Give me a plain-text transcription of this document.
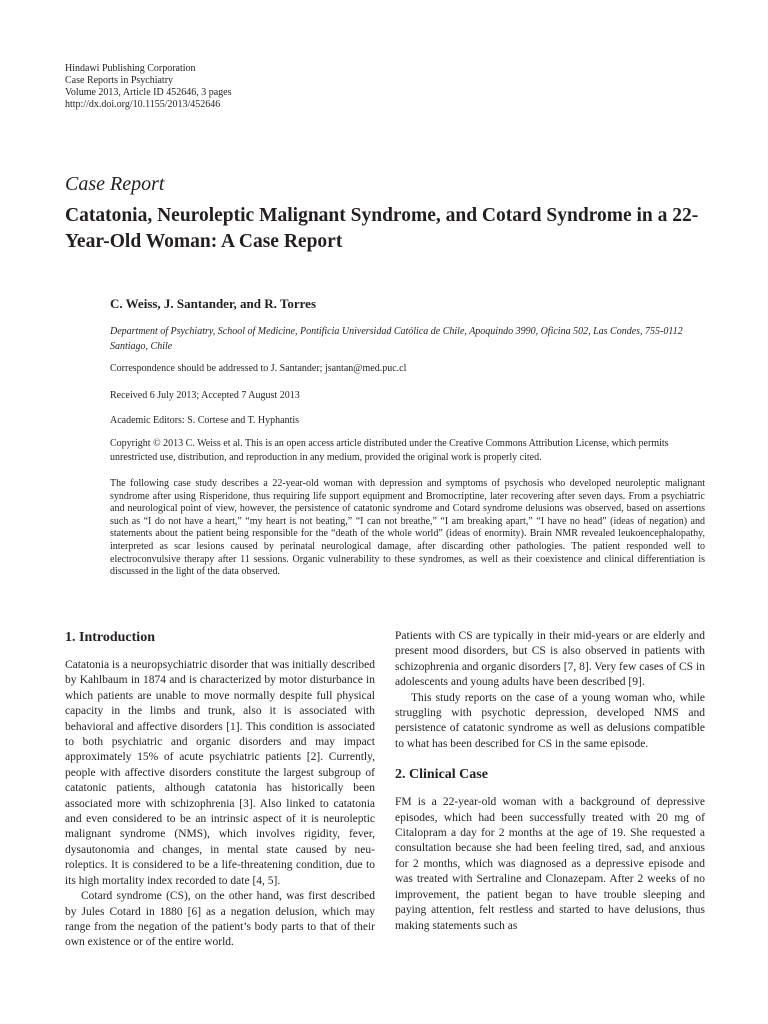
Hindawi Publishing Corporation
Case Reports in Psychiatry
Volume 2013, Article ID 452646, 3 pages
http://dx.doi.org/10.1155/2013/452646
Case Report
Catatonia, Neuroleptic Malignant Syndrome, and Cotard Syndrome in a 22-Year-Old Woman: A Case Report
C. Weiss, J. Santander, and R. Torres
Department of Psychiatry, School of Medicine, Pontificia Universidad Católica de Chile, Apoquindo 3990, Oficina 502, Las Condes, 755-0112 Santiago, Chile
Correspondence should be addressed to J. Santander; jsantan@med.puc.cl
Received 6 July 2013; Accepted 7 August 2013
Academic Editors: S. Cortese and T. Hyphantis
Copyright © 2013 C. Weiss et al. This is an open access article distributed under the Creative Commons Attribution License, which permits unrestricted use, distribution, and reproduction in any medium, provided the original work is properly cited.
The following case study describes a 22-year-old woman with depression and symptoms of psychosis who developed neuroleptic malignant syndrome after using Risperidone, thus requiring life support equipment and Bromocriptine, later recovering after seven days. From a psychiatric and neurological point of view, however, the persistence of catatonic syndrome and Cotard syndrome delusions was observed, based on assertions such as “I do not have a heart,” “my heart is not beating,” “I can not breathe,” “I am breaking apart,” “I have no head” (ideas of negation) and statements about the patient being responsible for the “death of the whole world” (ideas of enormity). Brain NMR revealed leukoencephalopathy, interpreted as scar lesions caused by perinatal neurological damage, after discarding other pathologies. The patient responded well to electroconvulsive therapy after 11 sessions. Organic vulnerability to these syndromes, as well as their coexistence and clinical differentiation is discussed in the light of the data observed.
1. Introduction

Catatonia is a neuropsychiatric disorder that was initially described by Kahlbaum in 1874 and is characterized by motor disturbance in which patients are unable to move normally despite full physical capacity in the limbs and trunk, also it is associated with behavioral and affective disorders [1]. This condition is associated to both psychiatric and organic disorders and may impact approximately 15% of acute psychiatric patients [2]. Currently, people with affective disorders constitute the largest subgroup of catatonic patients, although catatonia has historically been associated more with schizophrenia [3]. Also linked to catatonia and even considered to be an intrinsic aspect of it is neuroleptic malignant syndrome (NMS), which involves rigidity, fever, dysautonomia and changes, in mental state caused by neu-roleptics. It is considered to be a life-threatening condition, due to its high mortality index recorded to date [4, 5].

Cotard syndrome (CS), on the other hand, was first described by Jules Cotard in 1880 [6] as a negation delusion, which may range from the negation of the patient’s body parts to that of their own existence or of the entire world.

Patients with CS are typically in their mid-years or are elderly and present mood disorders, but CS is also observed in patients with schizophrenia and organic disorders [7, 8]. Very few cases of CS in adolescents and young adults have been described [9].

This study reports on the case of a young woman who, while struggling with psychotic depression, developed NMS and persistence of catatonic syndrome as well as delusions compatible to what has been described for CS in the same episode.

2. Clinical Case

FM is a 22-year-old woman with a background of depressive episodes, which had been successfully treated with 20 mg of Citalopram a day for 2 months at the age of 19. She requested a consultation because she had been feeling tired, sad, and anxious for 2 months, which was diagnosed as a depressive episode and was treated with Sertraline and Clonazepam. After 2 weeks of no improvement, the patient began to have trouble sleeping and paying attention, felt restless and started to have delusions, thus making statements such as
